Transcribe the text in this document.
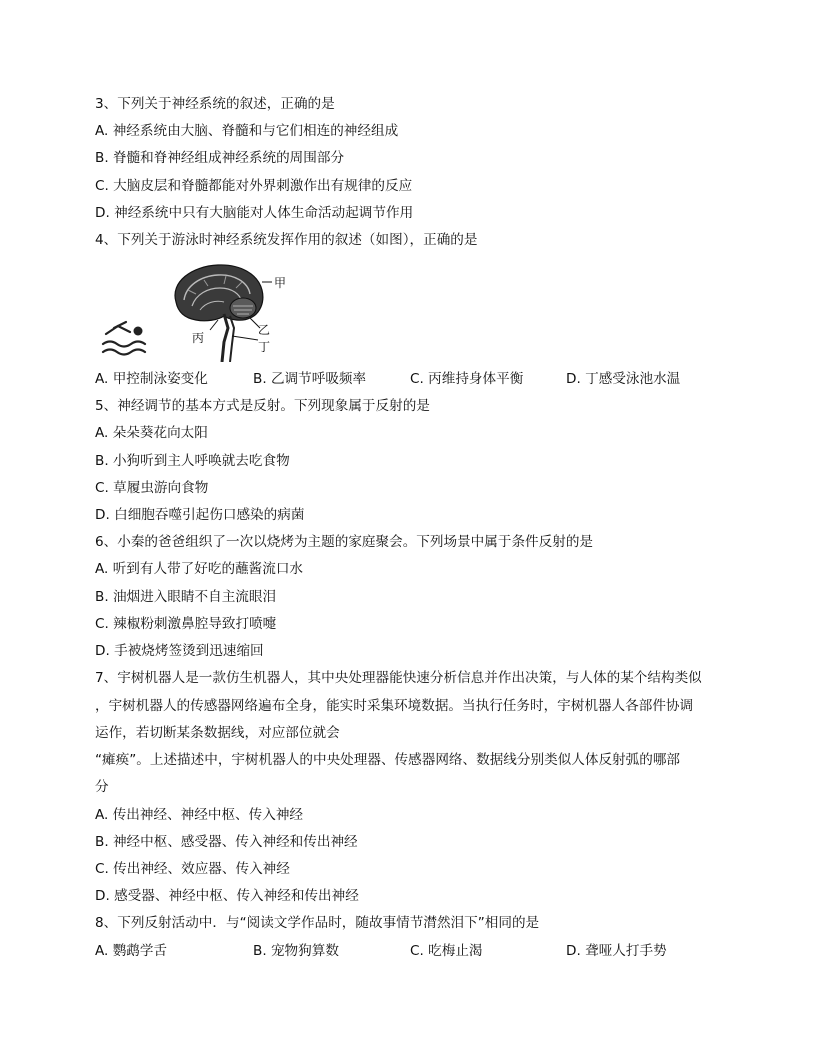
3、下列关于神经系统的叙述，正确的是
A. 神经系统由大脑、脊髓和与它们相连的神经组成
B. 脊髓和脊神经组成神经系统的周围部分
C. 大脑皮层和脊髓都能对外界刺激作出有规律的反应
D. 神经系统中只有大脑能对人体生命活动起调节作用
4、下列关于游泳时神经系统发挥作用的叙述（如图），正确的是
甲
乙
丁
丙
A. 甲控制泳姿变化	B. 乙调节呼吸频率	C. 丙维持身体平衡	D. 丁感受泳池水温
5、神经调节的基本方式是反射。下列现象属于反射的是
A. 朵朵葵花向太阳
B. 小狗听到主人呼唤就去吃食物
C. 草履虫游向食物
D. 白细胞吞噬引起伤口感染的病菌
6、小秦的爸爸组织了一次以烧烤为主题的家庭聚会。下列场景中属于条件反射的是
A. 听到有人带了好吃的蘸酱流口水
B. 油烟进入眼睛不自主流眼泪
C. 辣椒粉刺激鼻腔导致打喷嚏
D. 手被烧烤签烫到迅速缩回
7、宇树机器人是一款仿生机器人，其中央处理器能快速分析信息并作出决策，与人体的某个结构类似
，宇树机器人的传感器网络遍布全身，能实时采集环境数据。当执行任务时，宇树机器人各部件协调
运作，若切断某条数据线，对应部位就会
“瘫痪”。上述描述中，宇树机器人的中央处理器、传感器网络、数据线分别类似人体反射弧的哪部
分
A. 传出神经、神经中枢、传入神经
B. 神经中枢、感受器、传入神经和传出神经
C. 传出神经、效应器、传入神经
D. 感受器、神经中枢、传入神经和传出神经
8、下列反射活动中．与“阅读文学作品时，随故事情节潸然泪下”相同的是
A. 鹦鹉学舌	B. 宠物狗算数	C. 吃梅止渴	D. 聋哑人打手势
